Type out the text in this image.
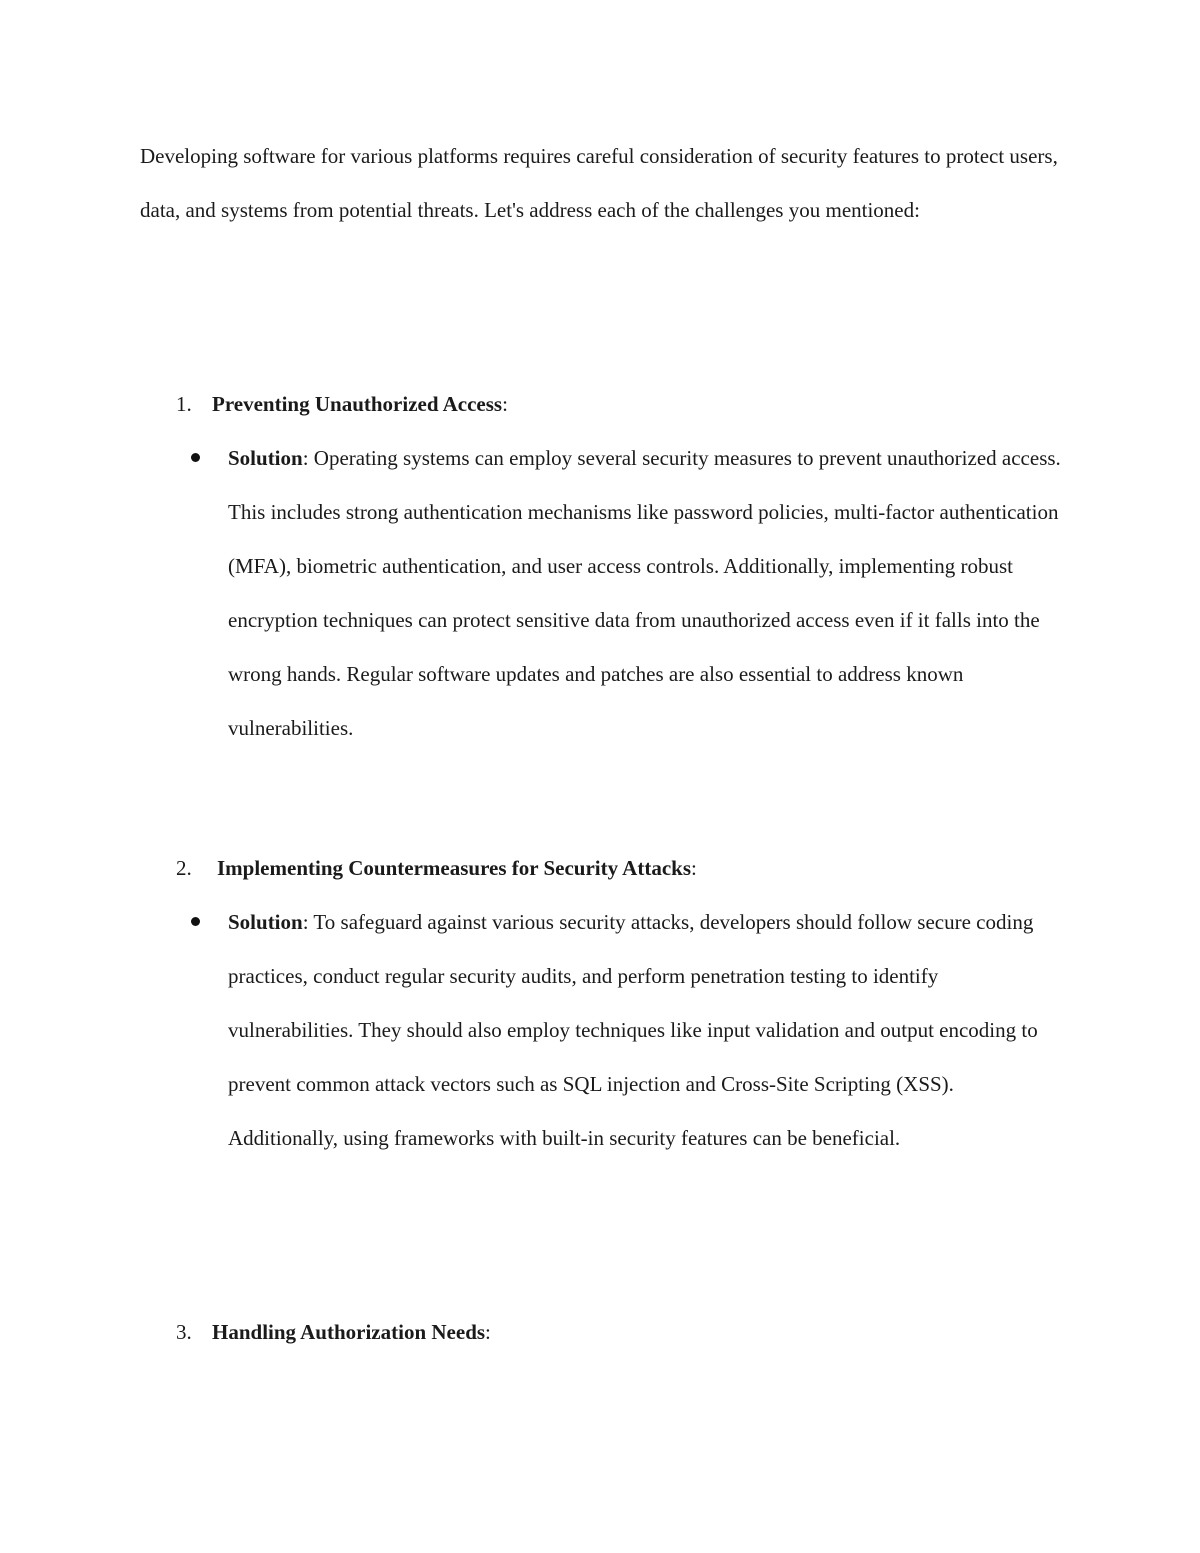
Developing software for various platforms requires careful consideration of security features to protect users, data, and systems from potential threats. Let's address each of the challenges you mentioned:

1. Preventing Unauthorized Access:

Solution: Operating systems can employ several security measures to prevent unauthorized access. This includes strong authentication mechanisms like password policies, multi-factor authentication (MFA), biometric authentication, and user access controls. Additionally, implementing robust encryption techniques can protect sensitive data from unauthorized access even if it falls into the wrong hands. Regular software updates and patches are also essential to address known vulnerabilities.

2. Implementing Countermeasures for Security Attacks:

Solution: To safeguard against various security attacks, developers should follow secure coding practices, conduct regular security audits, and perform penetration testing to identify vulnerabilities. They should also employ techniques like input validation and output encoding to prevent common attack vectors such as SQL injection and Cross-Site Scripting (XSS). Additionally, using frameworks with built-in security features can be beneficial.

3. Handling Authorization Needs:
